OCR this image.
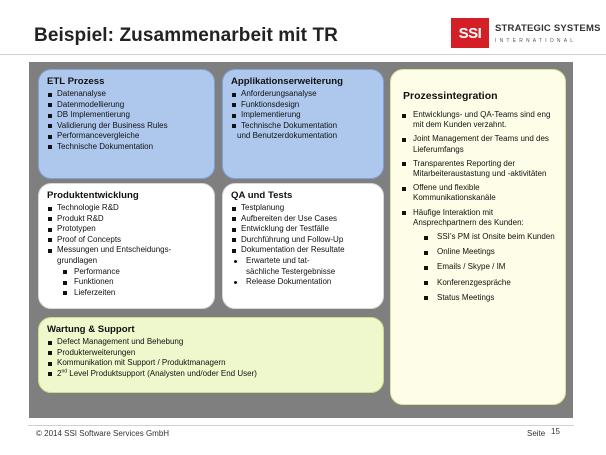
Beispiel: Zusammenarbeit mit TR	SSI	STRATEGIC SYSTEMS
INTERNATIONAL
ETL Prozess
Datenanalyse
Datenmodellierung
DB Implementierung
Validierung der Business Rules
Performancevergleiche
Technische Dokumentation
Applikationserweiterung
Anforderungsanalyse
Funktionsdesign
Implementierung
Technische Dokumentation
und Benutzerdokumentation
Produktentwicklung
Technologie R&D
Produkt R&D
Prototypen
Proof of Concepts
Messungen und Entscheidungs-
grundlagen
Performance
Funktionen
Lieferzeiten
QA und Tests
Testplanung
Aufbereiten der Use Cases
Entwicklung der Testfälle
Durchführung und Follow-Up
Dokumentation der Resultate
Erwartete und tat-
sächliche Testergebnisse
Release Dokumentation
Wartung & Support
Defect Management und Behebung
Produkterweiterungen
Kommunikation mit Support / Produktmanagern
2nd Level Produktsupport (Analysten und/oder End User)
Prozessintegration
Entwicklungs- und QA-Teams sind eng mit dem Kunden verzahnt.
Joint Management der Teams und des Lieferumfangs
Transparentes Reporting der Mitarbeiteraustastung und -aktivitäten
Offene und flexible Kommunikationskanäle
Häufige Interaktion mit Ansprechpartnern des Kunden:
SSI’s PM ist Onsite beim Kunden
Online Meetings
Emails / Skype / IM
Konferenzgespräche
Status Meetings
© 2014 SSI Software Services GmbH	Seite 15
